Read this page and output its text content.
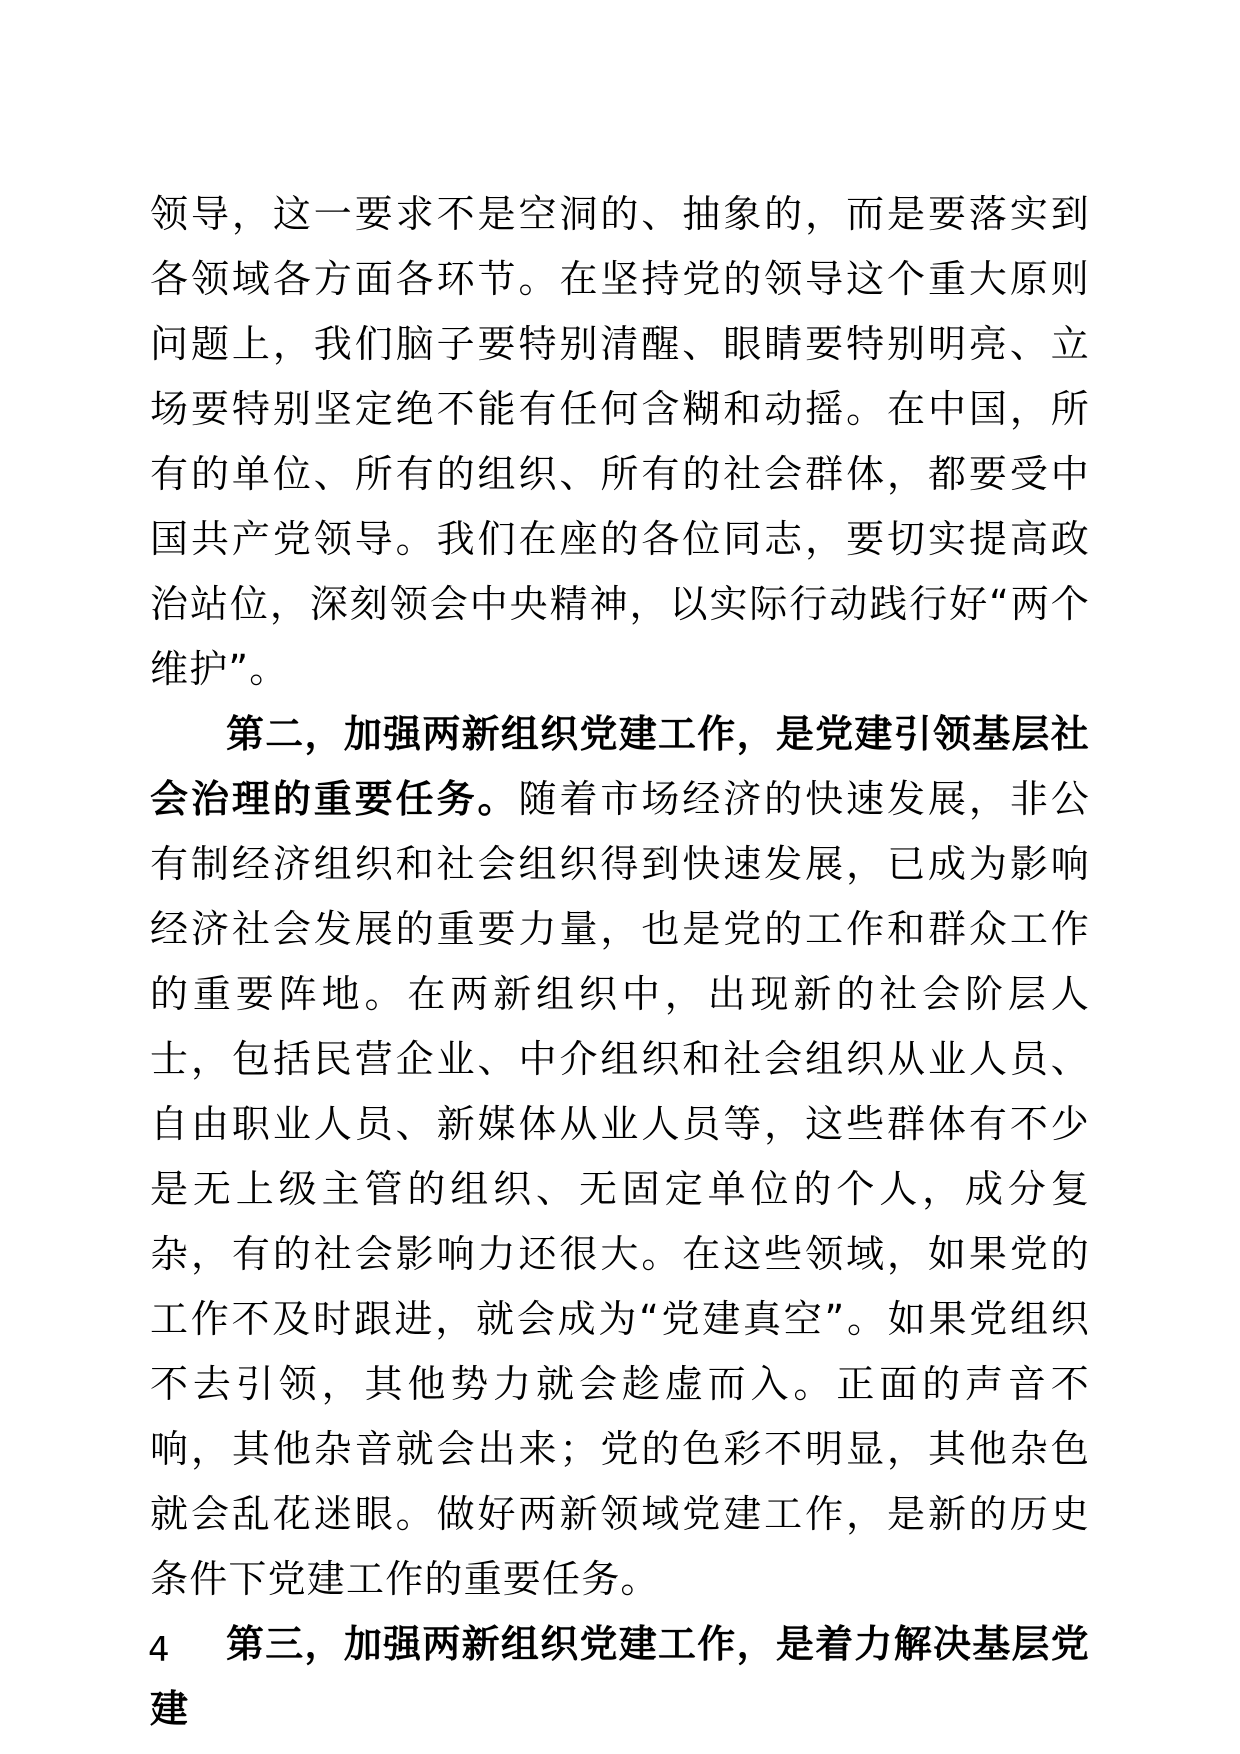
领导，这一要求不是空洞的、抽象的，而是要落实到各领域各方面各环节。在坚持党的领导这个重大原则问题上，我们脑子要特别清醒、眼睛要特别明亮、立场要特别坚定绝不能有任何含糊和动摇。在中国，所有的单位、所有的组织、所有的社会群体，都要受中国共产党领导。我们在座的各位同志，要切实提高政治站位，深刻领会中央精神，以实际行动践行好“两个维护”。

第二，加强两新组织党建工作，是党建引领基层社会治理的重要任务。随着市场经济的快速发展，非公有制经济组织和社会组织得到快速发展，已成为影响经济社会发展的重要力量，也是党的工作和群众工作的重要阵地。在两新组织中，出现新的社会阶层人士，包括民营企业、中介组织和社会组织从业人员、自由职业人员、新媒体从业人员等，这些群体有不少是无上级主管的组织、无固定单位的个人，成分复杂，有的社会影响力还很大。在这些领域，如果党的工作不及时跟进，就会成为“党建真空”。如果党组织不去引领，其他势力就会趁虚而入。正面的声音不响，其他杂音就会出来；党的色彩不明显，其他杂色就会乱花迷眼。做好两新领域党建工作，是新的历史条件下党建工作的重要任务。

第三，加强两新组织党建工作，是着力解决基层党建

4
